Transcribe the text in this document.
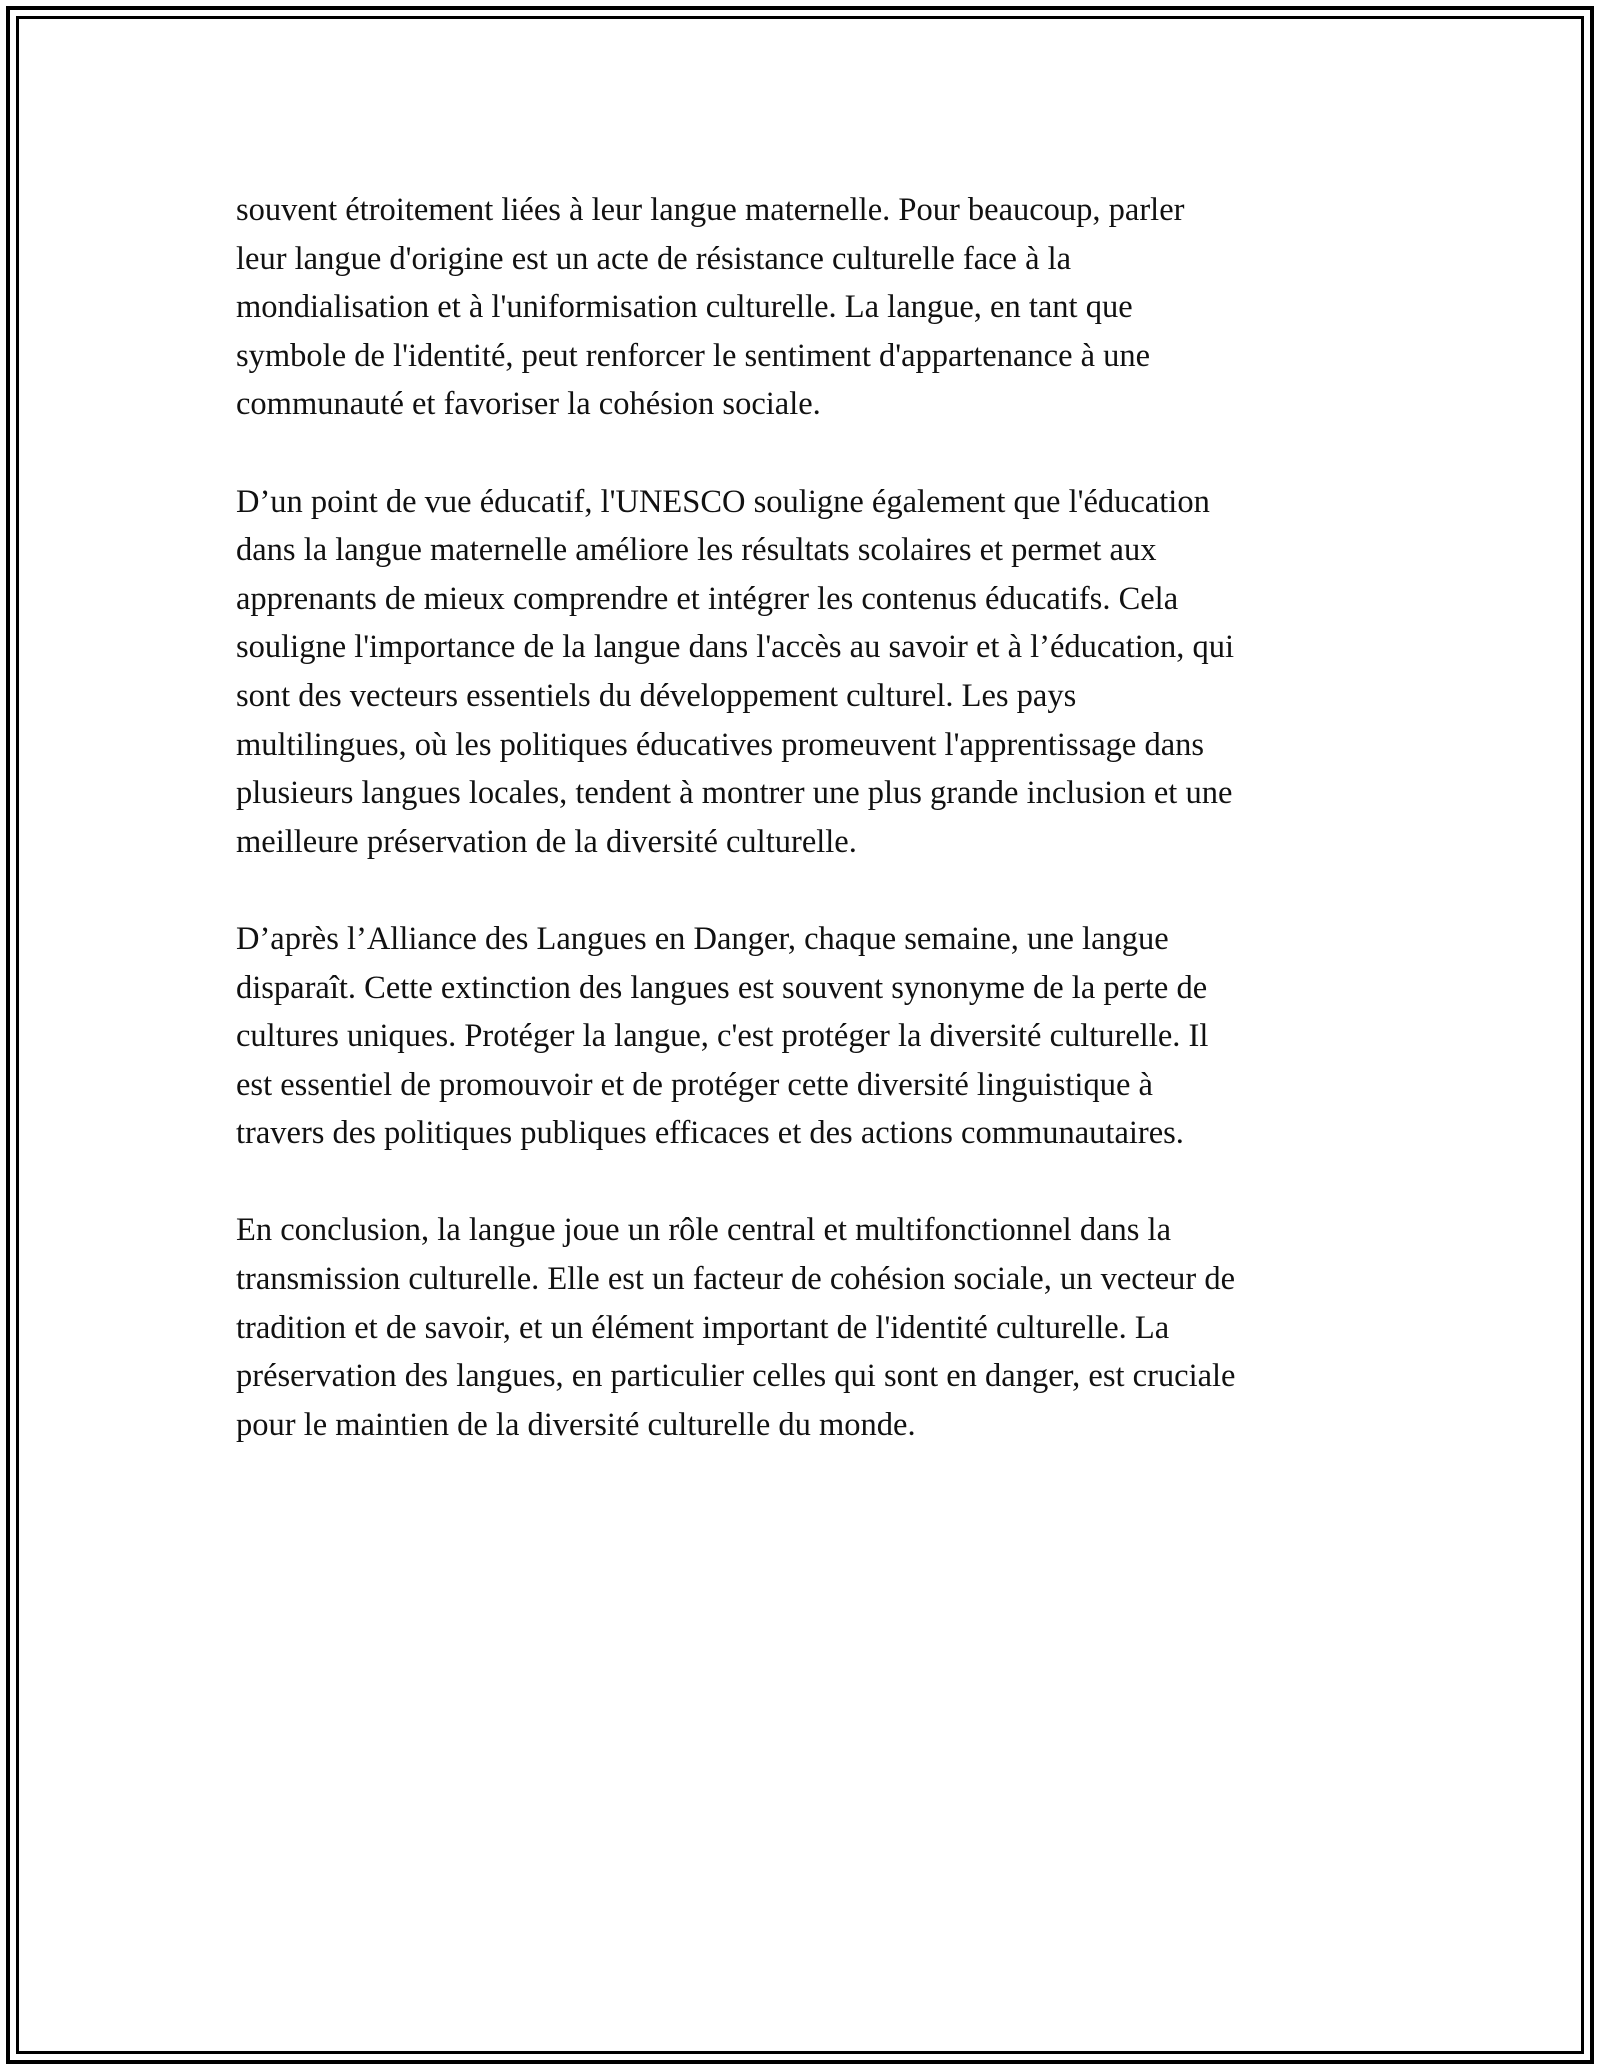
souvent étroitement liées à leur langue maternelle. Pour beaucoup, parler
leur langue d'origine est un acte de résistance culturelle face à la
mondialisation et à l'uniformisation culturelle. La langue, en tant que
symbole de l'identité, peut renforcer le sentiment d'appartenance à une
communauté et favoriser la cohésion sociale.

D’un point de vue éducatif, l'UNESCO souligne également que l'éducation
dans la langue maternelle améliore les résultats scolaires et permet aux
apprenants de mieux comprendre et intégrer les contenus éducatifs. Cela
souligne l'importance de la langue dans l'accès au savoir et à l’éducation, qui
sont des vecteurs essentiels du développement culturel. Les pays
multilingues, où les politiques éducatives promeuvent l'apprentissage dans
plusieurs langues locales, tendent à montrer une plus grande inclusion et une
meilleure préservation de la diversité culturelle.

D’après l’Alliance des Langues en Danger, chaque semaine, une langue
disparaît. Cette extinction des langues est souvent synonyme de la perte de
cultures uniques. Protéger la langue, c'est protéger la diversité culturelle. Il
est essentiel de promouvoir et de protéger cette diversité linguistique à
travers des politiques publiques efficaces et des actions communautaires.

En conclusion, la langue joue un rôle central et multifonctionnel dans la
transmission culturelle. Elle est un facteur de cohésion sociale, un vecteur de
tradition et de savoir, et un élément important de l'identité culturelle. La
préservation des langues, en particulier celles qui sont en danger, est cruciale
pour le maintien de la diversité culturelle du monde.
